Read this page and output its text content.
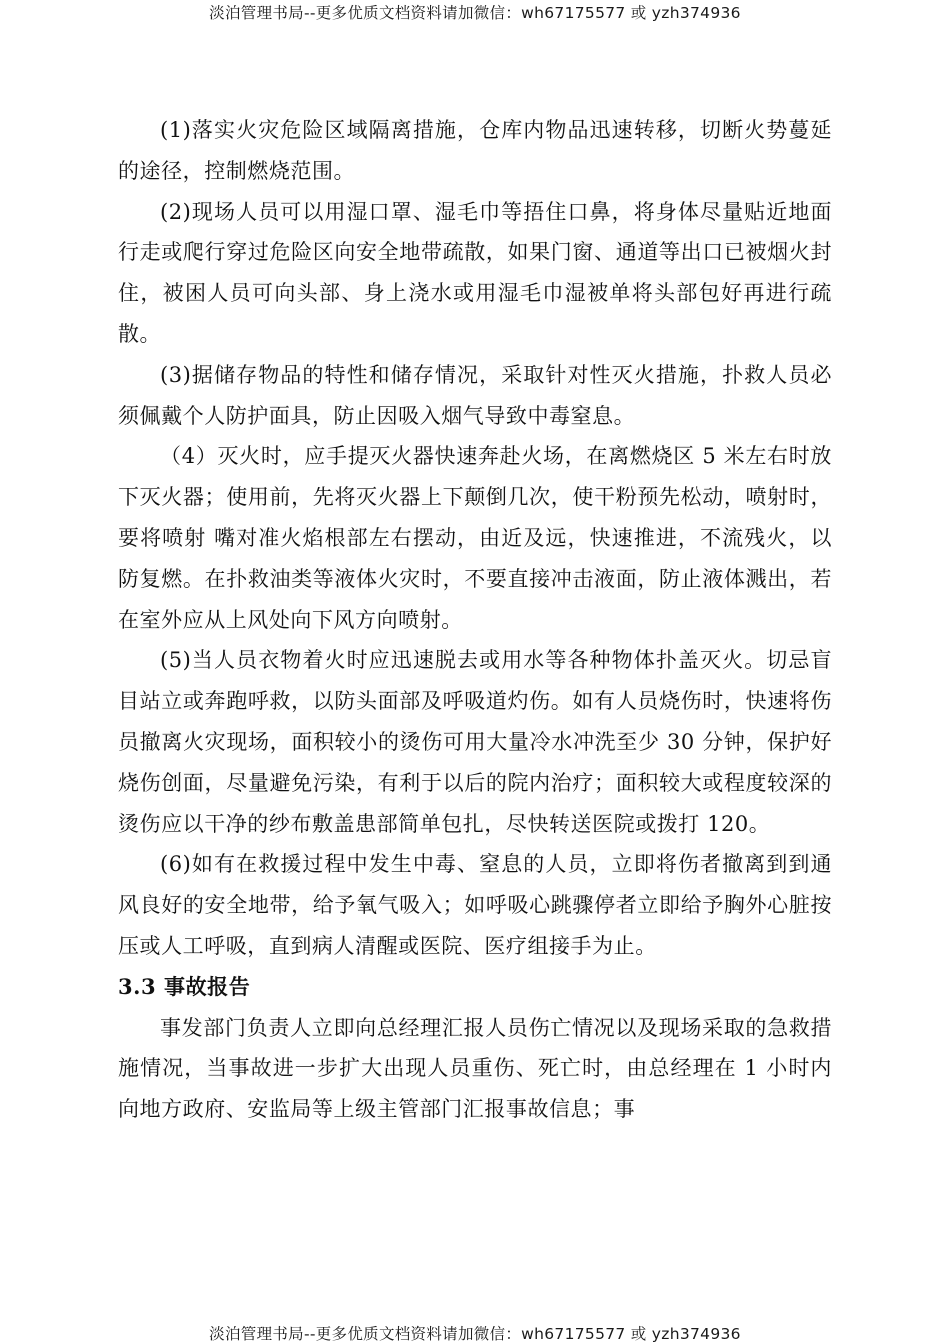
淡泊管理书局--更多优质文档资料请加微信：wh67175577 或 yzh374936

(1)落实火灾危险区域隔离措施，仓库内物品迅速转移，切断火势蔓延的途径，控制燃烧范围。

(2)现场人员可以用湿口罩、湿毛巾等捂住口鼻，将身体尽量贴近地面行走或爬行穿过危险区向安全地带疏散，如果门窗、通道等出口已被烟火封住，被困人员可向头部、身上浇水或用湿毛巾湿被单将头部包好再进行疏散。

(3)据储存物品的特性和储存情况，采取针对性灭火措施，扑救人员必须佩戴个人防护面具，防止因吸入烟气导致中毒窒息。

（4）灭火时，应手提灭火器快速奔赴火场，在离燃烧区 5 米左右时放下灭火器；使用前，先将灭火器上下颠倒几次，使干粉预先松动，喷射时，要将喷射 嘴对准火焰根部左右摆动，由近及远，快速推进，不流残火，以防复燃。在扑救油类等液体火灾时，不要直接冲击液面，防止液体溅出，若在室外应从上风处向下风方向喷射。

(5)当人员衣物着火时应迅速脱去或用水等各种物体扑盖灭火。切忌盲目站立或奔跑呼救，以防头面部及呼吸道灼伤。如有人员烧伤时，快速将伤员撤离火灾现场，面积较小的烫伤可用大量冷水冲洗至少 30 分钟，保护好烧伤创面，尽量避免污染，有利于以后的院内治疗；面积较大或程度较深的烫伤应以干净的纱布敷盖患部简单包扎，尽快转送医院或拨打 120。

(6)如有在救援过程中发生中毒、窒息的人员，立即将伤者撤离到到通风良好的安全地带，给予氧气吸入；如呼吸心跳骤停者立即给予胸外心脏按压或人工呼吸，直到病人清醒或医院、医疗组接手为止。

3.3 事故报告

事发部门负责人立即向总经理汇报人员伤亡情况以及现场采取的急救措施情况，当事故进一步扩大出现人员重伤、死亡时，由总经理在 1 小时内向地方政府、安监局等上级主管部门汇报事故信息；事

淡泊管理书局--更多优质文档资料请加微信：wh67175577 或 yzh374936
